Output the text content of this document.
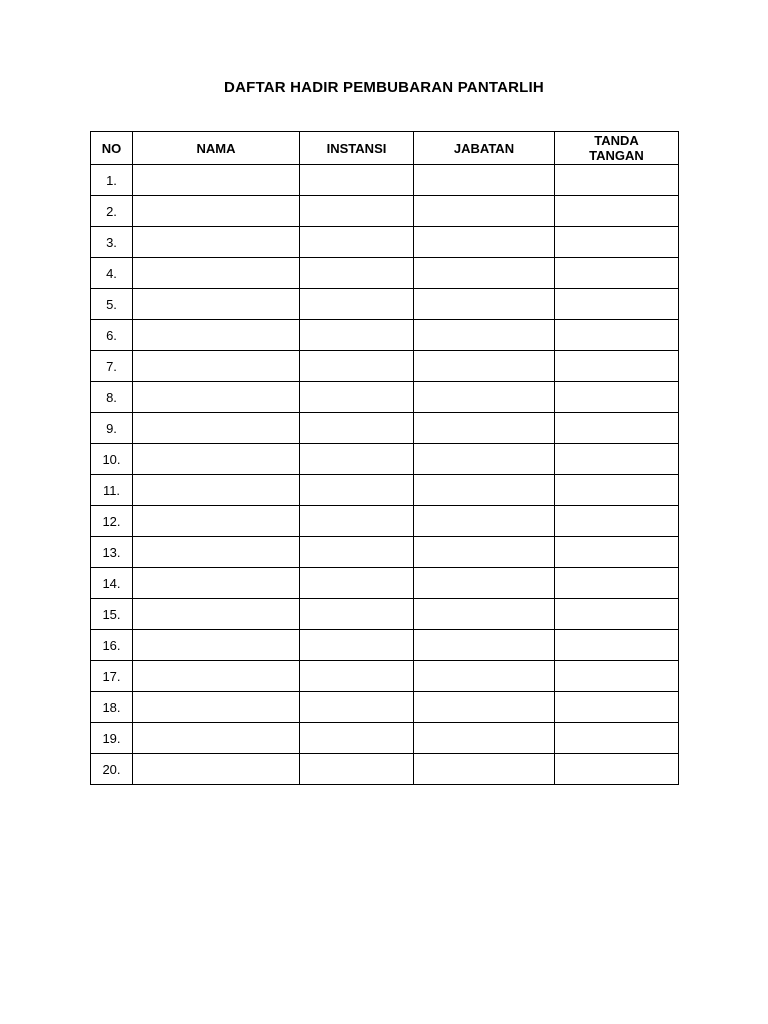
DAFTAR HADIR PEMBUBARAN PANTARLIH
NO	NAMA	INSTANSI	JABATAN	TANDA
TANGAN

1.				
2.				
3.				
4.				
5.				
6.				
7.				
8.				
9.				
10.				
11.				
12.				
13.				
14.				
15.				
16.				
17.				
18.				
19.				
20.				
